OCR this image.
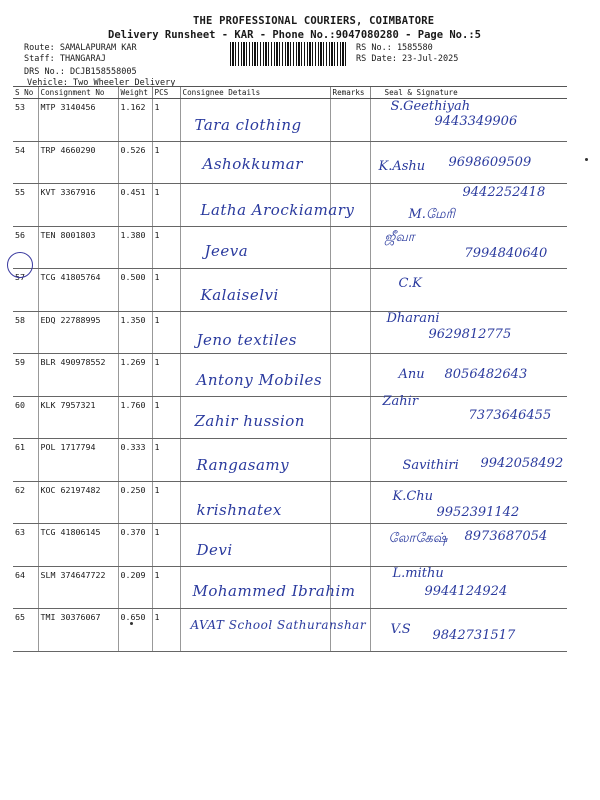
THE PROFESSIONAL COURIERS, COIMBATORE
Delivery Runsheet - KAR - Phone No.:9047080280 - Page No.:5
Route: SAMALAPURAM KAR
Staff: THANGARAJ
DRS No.: DCJB158558005
Vehicle: Two Wheeler Delivery
RS No.: 1585580
RS Date: 23-Jul-2025
S No	Consignment No	Weight	PCS	Consignee Details	Remarks	Seal & Signature
53	MTP 3140456	1.162	1	Tara clothing		S.Geethiyah
9443349906

54	TRP 4660290	0.526	1	Ashokkumar		K.Ashu 9698609509

55	KVT 3367916	0.451	1	Latha Arockiamary		M.மேரி
9442252418

56	TEN 8001803	1.380	1	Jeeva		ஜீவா
7994840640

57	TCG 41805764	0.500	1	Kalaiselvi		C.K

58	EDQ 22788995	1.350	1	Jeno textiles		Dharani
9629812775

59	BLR 490978552	1.269	1	Antony Mobiles		Anu 8056482643

60	KLK 7957321	1.760	1	Zahir hussion		Zahir
7373646455

61	POL 1717794	0.333	1	Rangasamy		Savithiri 9942058492

62	KOC 62197482	0.250	1	krishnatex		K.Chu
9952391142

63	TCG 41806145	0.370	1	Devi		லோகேஷ் 8973687054

64	SLM 374647722	0.209	1	Mohammed Ibrahim		L.mithu
9944124924

65	TMI 30376067	0.650	1	AVAT School Sathuranshar		V.S 9842731517
